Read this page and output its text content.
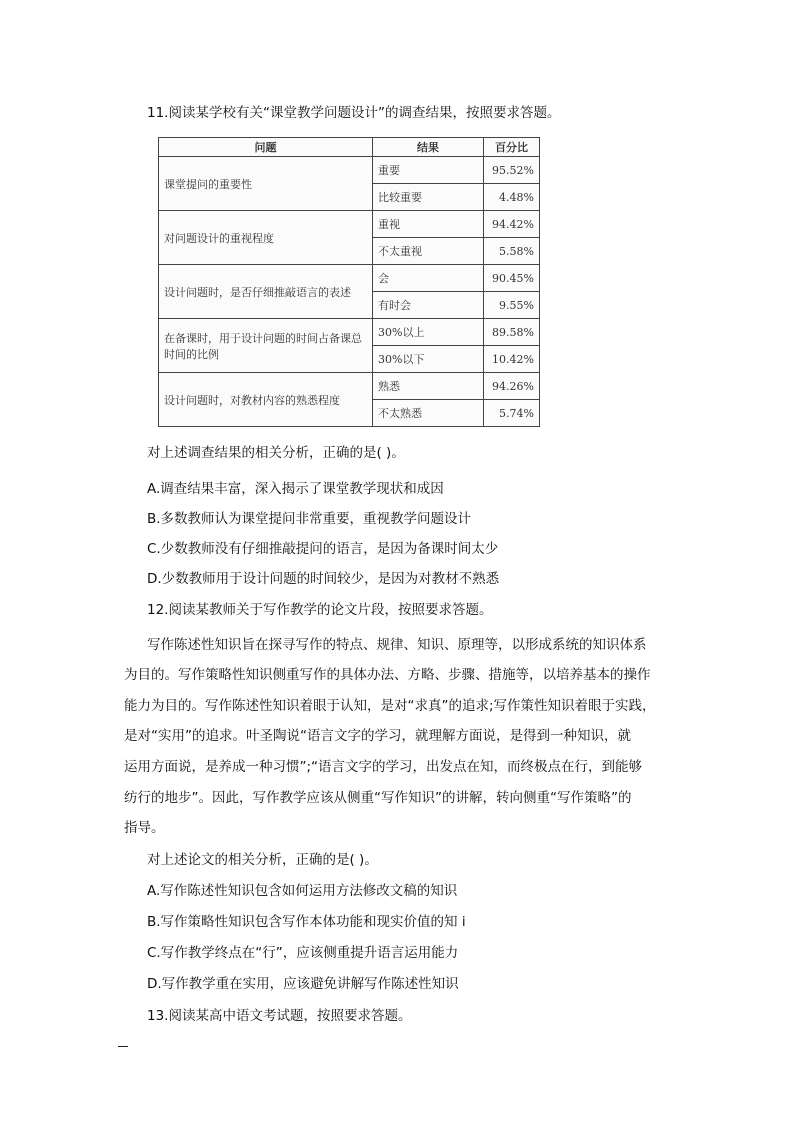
11.阅读某学校有关“课堂教学问题设计”的调查结果，按照要求答题。
问题	结果	百分比
课堂提问的重要性	重要	95.52%
	比较重要	4.48%
对问题设计的重视程度	重视	94.42%
	不太重视	5.58%
设计问题时，是否仔细推敲语言的表述	会	90.45%
	有时会	9.55%
在备课时，用于设计问题的时间占备课总时间的比例	30%以上	89.58%
	30%以下	10.42%
设计问题时，对教材内容的熟悉程度	熟悉	94.26%
	不太熟悉	5.74%
对上述调查结果的相关分析，正确的是( )。
A.调查结果丰富，深入揭示了课堂教学现状和成因
B.多数教师认为课堂提问非常重要，重视教学问题设计
C.少数教师没有仔细推敲提问的语言，是因为备课时间太少
D.少数教师用于设计问题的时间较少，是因为对教材不熟悉
12.阅读某教师关于写作教学的论文片段，按照要求答题。
写作陈述性知识旨在探寻写作的特点、规律、知识、原理等，以形成系统的知识体系
为目的。写作策略性知识侧重写作的具体办法、方略、步骤、措施等，以培养基本的操作
能力为目的。写作陈述性知识着眼于认知，是对“求真”的追求;写作策性知识着眼于实践，
是对“实用”的追求。叶圣陶说“语言文字的学习，就理解方面说，是得到一种知识，就
运用方面说，是养成一种习惯”;“语言文字的学习，出发点在知，而终极点在行，到能够
纺行的地步”。因此，写作教学应该从侧重“写作知识”的讲解，转向侧重“写作策略”的
指导。
对上述论文的相关分析，正确的是( )。
A.写作陈述性知识包含如何运用方法修改文稿的知识
B.写作策略性知识包含写作本体功能和现实价值的知 i
C.写作教学终点在“行”，应该侧重提升语言运用能力
D.写作教学重在实用，应该避免讲解写作陈述性知识
13.阅读某高中语文考试题，按照要求答题。
